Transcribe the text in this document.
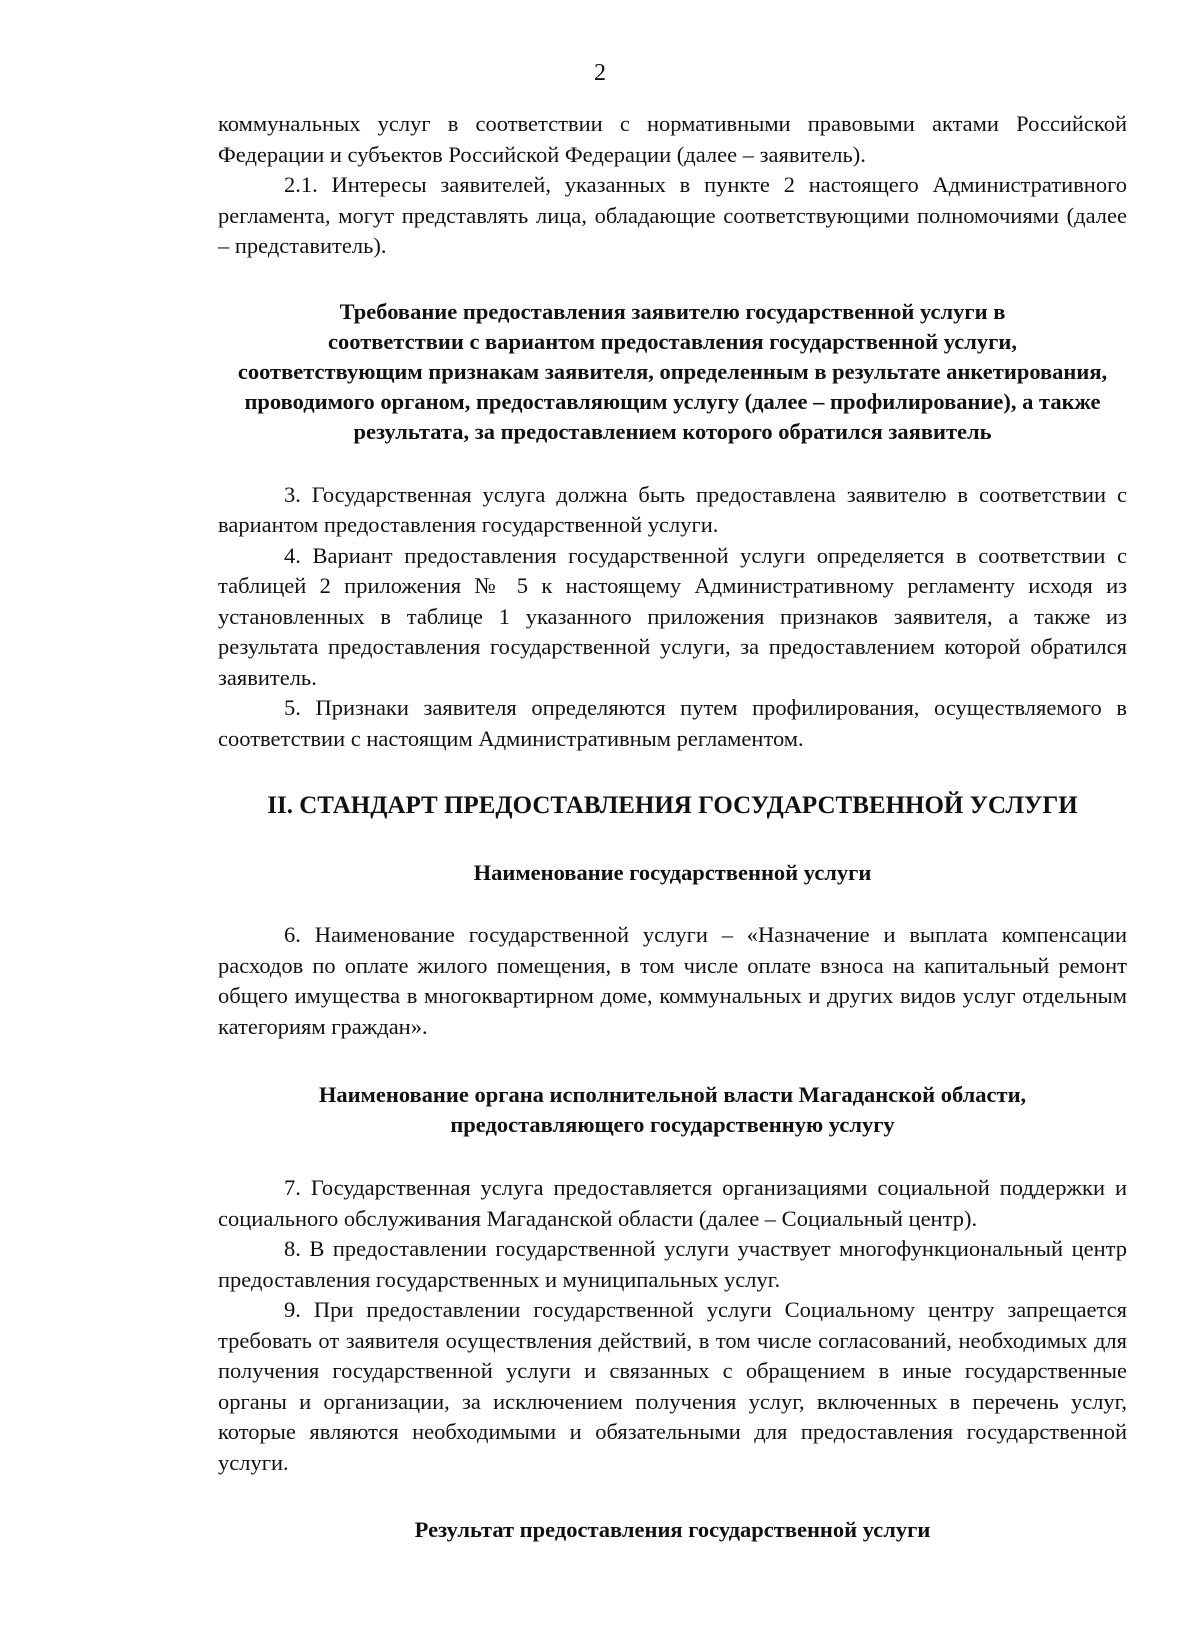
2

коммунальных услуг в соответствии с нормативными правовыми актами Российской Федерации и субъектов Российской Федерации (далее – заявитель).

2.1. Интересы заявителей, указанных в пункте 2 настоящего Административного регламента, могут представлять лица, обладающие соответствующими полномочиями (далее – представитель).

Требование предоставления заявителю государственной услуги в
соответствии с вариантом предоставления государственной услуги,
соответствующим признакам заявителя, определенным в результате анкетирования,
проводимого органом, предоставляющим услугу (далее – профилирование), а также
результата, за предоставлением которого обратился заявитель

3. Государственная услуга должна быть предоставлена заявителю в соответствии с вариантом предоставления государственной услуги.

4. Вариант предоставления государственной услуги определяется в соответствии с таблицей 2 приложения № 5 к настоящему Административному регламенту исходя из установленных в таблице 1 указанного приложения признаков заявителя, а также из результата предоставления государственной услуги, за предоставлением которой обратился заявитель.

5. Признаки заявителя определяются путем профилирования, осуществляемого в соответствии с настоящим Административным регламентом.

II. СТАНДАРТ ПРЕДОСТАВЛЕНИЯ ГОСУДАРСТВЕННОЙ УСЛУГИ
Наименование государственной услуги

6. Наименование государственной услуги – «Назначение и выплата компенсации расходов по оплате жилого помещения, в том числе оплате взноса на капитальный ремонт общего имущества в многоквартирном доме, коммунальных и других видов услуг отдельным категориям граждан».

Наименование органа исполнительной власти Магаданской области,
предоставляющего государственную услугу

7. Государственная услуга предоставляется организациями социальной поддержки и социального обслуживания Магаданской области (далее – Социальный центр).

8. В предоставлении государственной услуги участвует многофункциональный центр предоставления государственных и муниципальных услуг.

9. При предоставлении государственной услуги Социальному центру запрещается требовать от заявителя осуществления действий, в том числе согласований, необходимых для получения государственной услуги и связанных с обращением в иные государственные органы и организации, за исключением получения услуг, включенных в перечень услуг, которые являются необходимыми и обязательными для предоставления государственной услуги.

Результат предоставления государственной услуги
